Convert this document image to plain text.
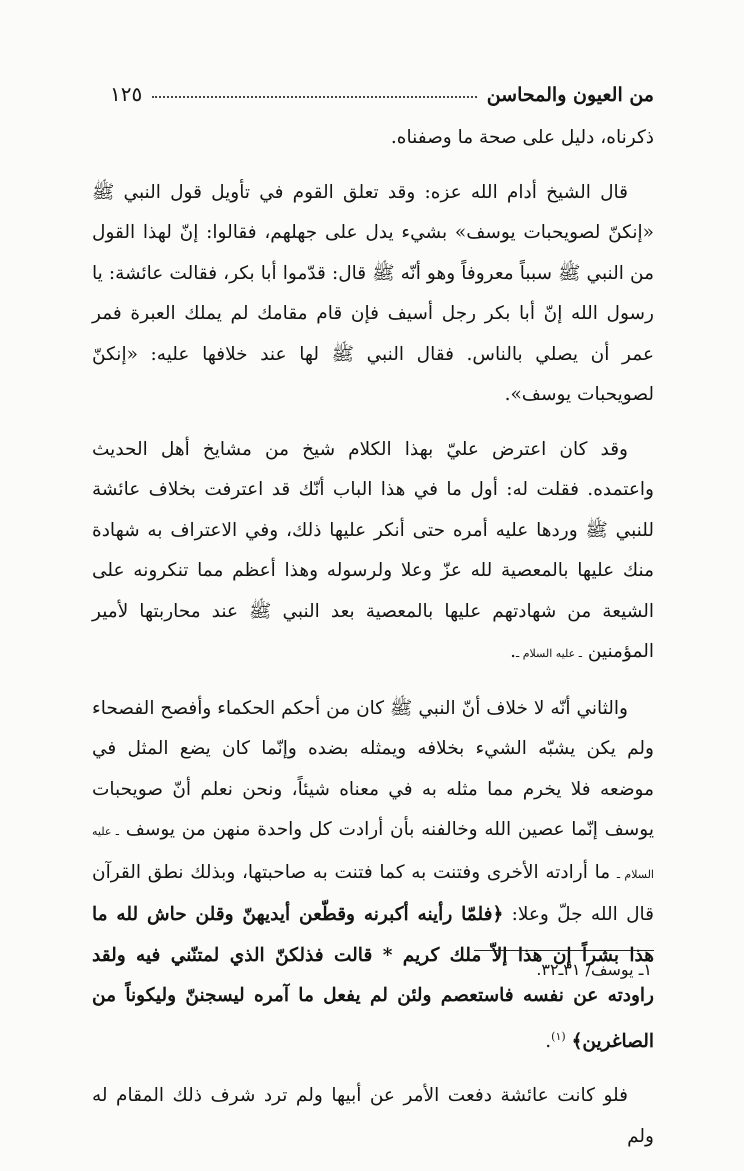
من العيون والمحاسن
١٢٥

ذكرناه، دليل على صحة ما وصفناه.

قال الشيخ أدام الله عزه: وقد تعلق القوم في تأويل قول النبي ﷺ «إنكنّ لصويحبات يوسف» بشيء يدل على جهلهم، فقالوا: إنّ لهذا القول من النبي ﷺ سبباً معروفاً وهو أنّه ﷺ قال: قدّموا أبا بكر، فقالت عائشة: يا رسول الله إنّ أبا بكر رجل أسيف فإن قام مقامك لم يملك العبرة فمر عمر أن يصلي بالناس. فقال النبي ﷺ لها عند خلافها عليه: «إنكنّ لصويحبات يوسف».

وقد كان اعترض عليّ بهذا الكلام شيخ من مشايخ أهل الحديث واعتمده. فقلت له: أول ما في هذا الباب أنّك قد اعترفت بخلاف عائشة للنبي ﷺ وردها عليه أمره حتى أنكر عليها ذلك، وفي الاعتراف به شهادة منك عليها بالمعصية لله عزّ وعلا ولرسوله وهذا أعظم مما تنكرونه على الشيعة من شهادتهم عليها بالمعصية بعد النبي ﷺ عند محاربتها لأمير المؤمنين ـ عليه السلام ـ.

والثاني أنّه لا خلاف أنّ النبي ﷺ كان من أحكم الحكماء وأفصح الفصحاء ولم يكن يشبّه الشيء بخلافه ويمثله بضده وإنّما كان يضع المثل في موضعه فلا يخرم مما مثله به في معناه شيئاً، ونحن نعلم أنّ صويحبات يوسف إنّما عصين الله وخالفنه بأن أرادت كل واحدة منهن من يوسف ـ عليه السلام ـ ما أرادته الأخرى وفتنت به كما فتنت به صاحبتها، وبذلك نطق القرآن قال الله جلّ وعلا: ﴿فلمّا رأينه أكبرنه وقطّعن أيديهنّ وقلن حاش لله ما هذا بشراً إن هذا إلاّ ملك كريم * قالت فذلكنّ الذي لمتنّني فيه ولقد راودته عن نفسه فاستعصم ولئن لم يفعل ما آمره ليسجننّ وليكوناً من الصاغرين﴾ $^{(١)}$.

فلو كانت عائشة دفعت الأمر عن أبيها ولم ترد شرف ذلك المقام له ولم

١ـ يوسف/ ٣١ـ٣٢.
